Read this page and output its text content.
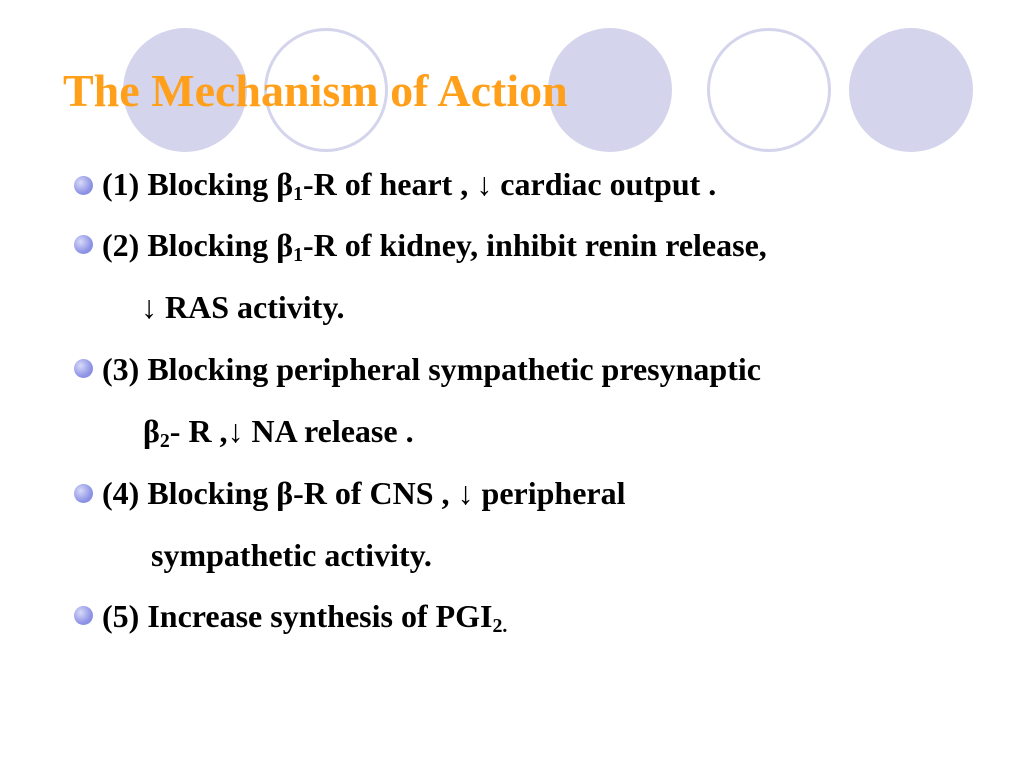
The Mechanism of Action
(1) Blocking $\beta_1-R$ of heart , ↓ cardiac output .
(2) Blocking $\beta_1-R$ of kidney, inhibit renin release,
↓ RAS activity.
(3) Blocking peripheral sympathetic presynaptic
$\beta_2-$ R ,↓ NA release .
(4) Blocking β-R of CNS , ↓ peripheral
sympathetic activity.
(5) Increase synthesis of $PGI_{2.}$
